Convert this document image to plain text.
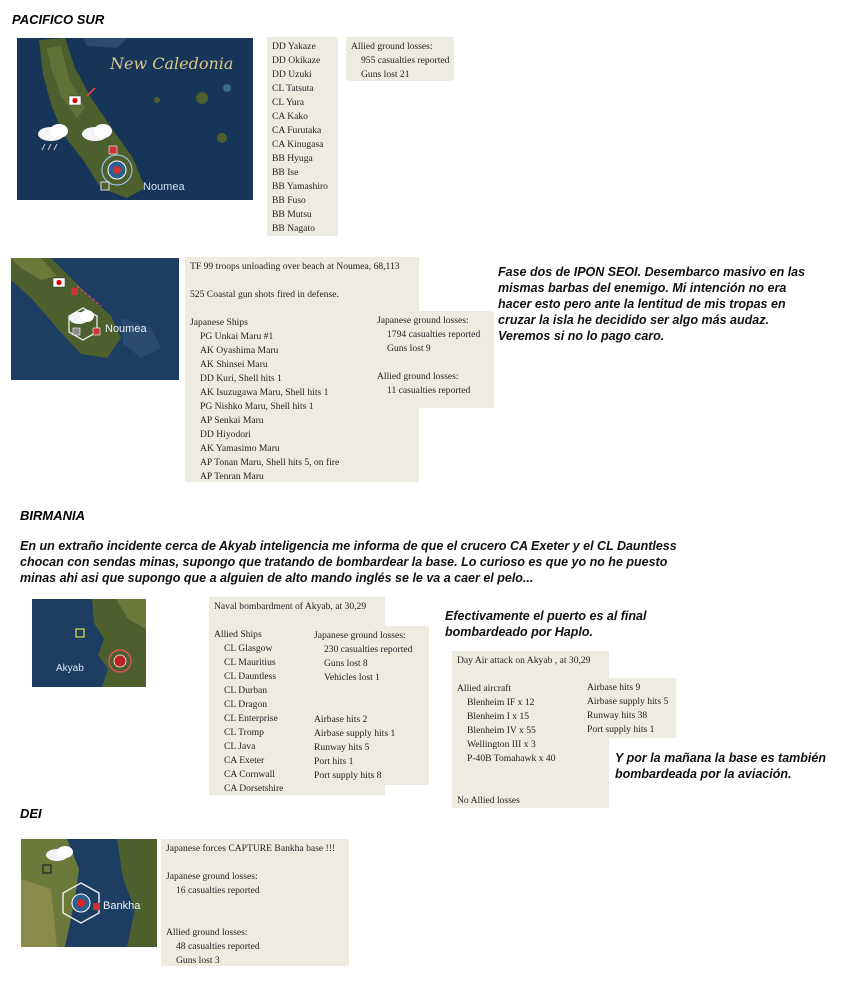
PACIFICO SUR
New Caledonia
Noumea
DD Yakaze
DD Okikaze
DD Uzuki
CL Tatsuta
CL Yura
CA Kako
CA Furutaka
CA Kinugasa
BB Hyuga
BB Ise
BB Yamashiro
BB Fuso
BB Mutsu
BB Nagato
Allied ground losses:
955 casualties reported
Guns lost 21
Noumea
TF 99 troops unloading over beach at Noumea, 68,113
525 Coastal gun shots fired in defense.
Japanese Ships
PG Unkai Maru #1
AK Oyashima Maru
AK Shinsei Maru
DD Kuri, Shell hits 1
AK Isuzugawa Maru, Shell hits 1
PG Nishko Maru, Shell hits 1
AP Senkai Maru
DD Hiyodori
AK Yamasimo Maru
AP Tonan Maru, Shell hits 5, on fire
AP Tenran Maru
Japanese ground losses:
1794 casualties reported
Guns lost 9
Allied ground losses:
11 casualties reported
Fase dos de IPON SEOI. Desembarco masivo en las
mismas barbas del enemigo. Mi intención no era
hacer esto pero ante la lentitud de mis tropas en
cruzar la isla he decidido ser algo más audaz.
Veremos si no lo pago caro.
BIRMANIA
En un extraño incidente cerca de Akyab inteligencia me informa de que el crucero CA Exeter y el CL Dauntless
chocan con sendas minas, supongo que tratando de bombardear la base. Lo curioso es que yo no he puesto
minas ahi asi que supongo que a alguien de alto mando inglés se le va a caer el pelo...
Akyab
Naval bombardment of Akyab, at 30,29
Allied Ships
CL Glasgow
CL Mauritius
CL Dauntless
CL Durban
CL Dragon
CL Enterprise
CL Tromp
CL Java
CA Exeter
CA Cornwall
CA Dorsetshire
Japanese ground losses:
230 casualties reported
Guns lost 8
Vehicles lost 1
Airbase hits 2
Airbase supply hits 1
Runway hits 5
Port hits 1
Port supply hits 8
Efectivamente el puerto es al final
bombardeado por Haplo.
Day Air attack on Akyab , at 30,29
Allied aircraft
Blenheim IF x 12
Blenheim I x 15
Blenheim IV x 55
Wellington III x 3
P-40B Tomahawk x 40
No Allied losses
Airbase hits 9
Airbase supply hits 5
Runway hits 38
Port supply hits 1
Y por la mañana la base es también
bombardeada por la aviación.
DEI
Bankha
Japanese forces CAPTURE Bankha base !!!
Japanese ground losses:
16 casualties reported
Allied ground losses:
48 casualties reported
Guns lost 3
